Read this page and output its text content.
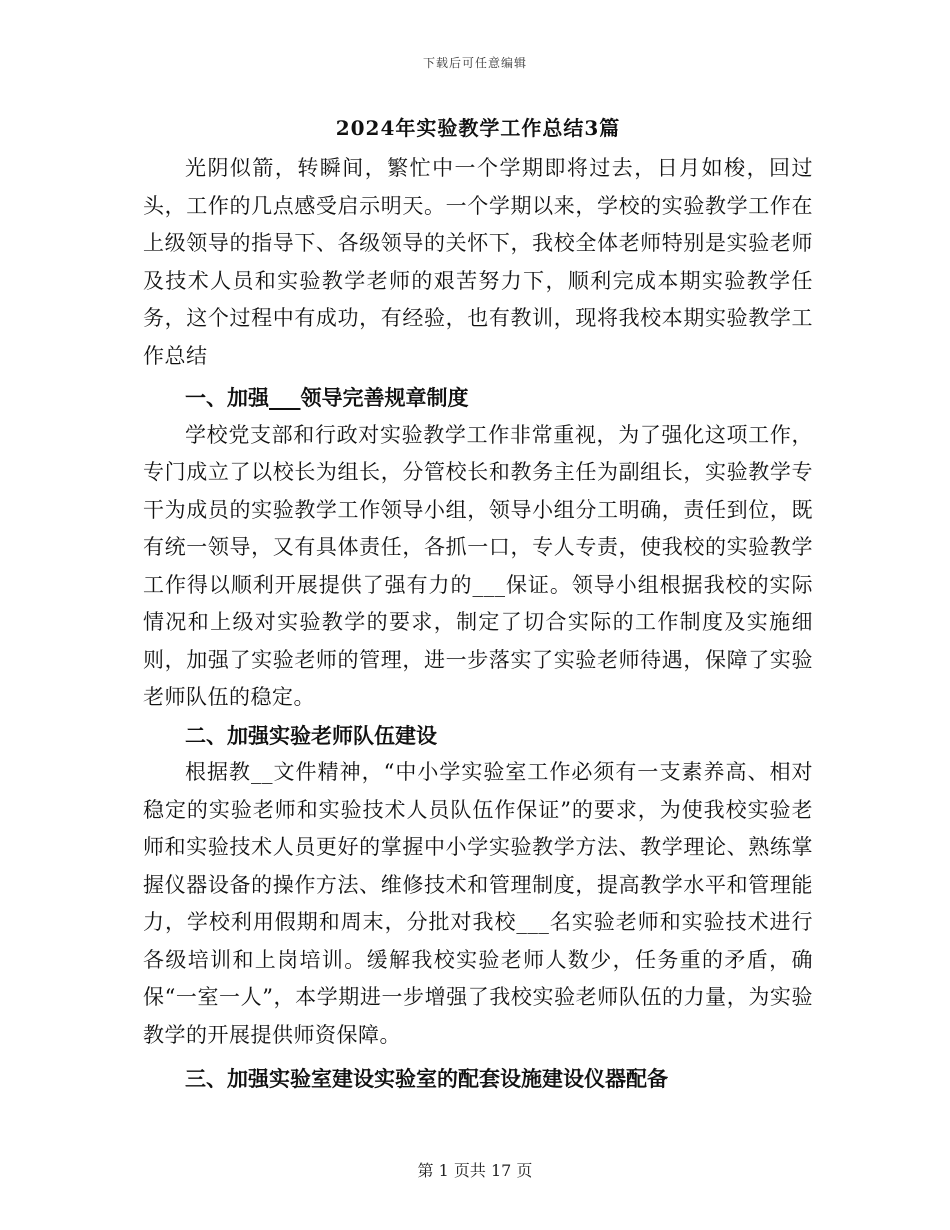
下载后可任意编辑
2024年实验教学工作总结3篇

光阴似箭，转瞬间，繁忙中一个学期即将过去，日月如梭，回过头，工作的几点感受启示明天。一个学期以来，学校的实验教学工作在上级领导的指导下、各级领导的关怀下，我校全体老师特别是实验老师及技术人员和实验教学老师的艰苦努力下，顺利完成本期实验教学任务，这个过程中有成功，有经验，也有教训，现将我校本期实验教学工作总结

一、加强___领导完善规章制度

学校党支部和行政对实验教学工作非常重视，为了强化这项工作，专门成立了以校长为组长，分管校长和教务主任为副组长，实验教学专干为成员的实验教学工作领导小组，领导小组分工明确，责任到位，既有统一领导，又有具体责任，各抓一口，专人专责，使我校的实验教学工作得以顺利开展提供了强有力的___保证。领导小组根据我校的实际情况和上级对实验教学的要求，制定了切合实际的工作制度及实施细则，加强了实验老师的管理，进一步落实了实验老师待遇，保障了实验老师队伍的稳定。

二、加强实验老师队伍建设

根据教__文件精神，“中小学实验室工作必须有一支素养高、相对稳定的实验老师和实验技术人员队伍作保证”的要求，为使我校实验老师和实验技术人员更好的掌握中小学实验教学方法、教学理论、熟练掌握仪器设备的操作方法、维修技术和管理制度，提高教学水平和管理能力，学校利用假期和周末，分批对我校___名实验老师和实验技术进行各级培训和上岗培训。缓解我校实验老师人数少，任务重的矛盾，确保“一室一人”，本学期进一步增强了我校实验老师队伍的力量，为实验教学的开展提供师资保障。

三、加强实验室建设实验室的配套设施建设仪器配备

第 1 页共 17 页
